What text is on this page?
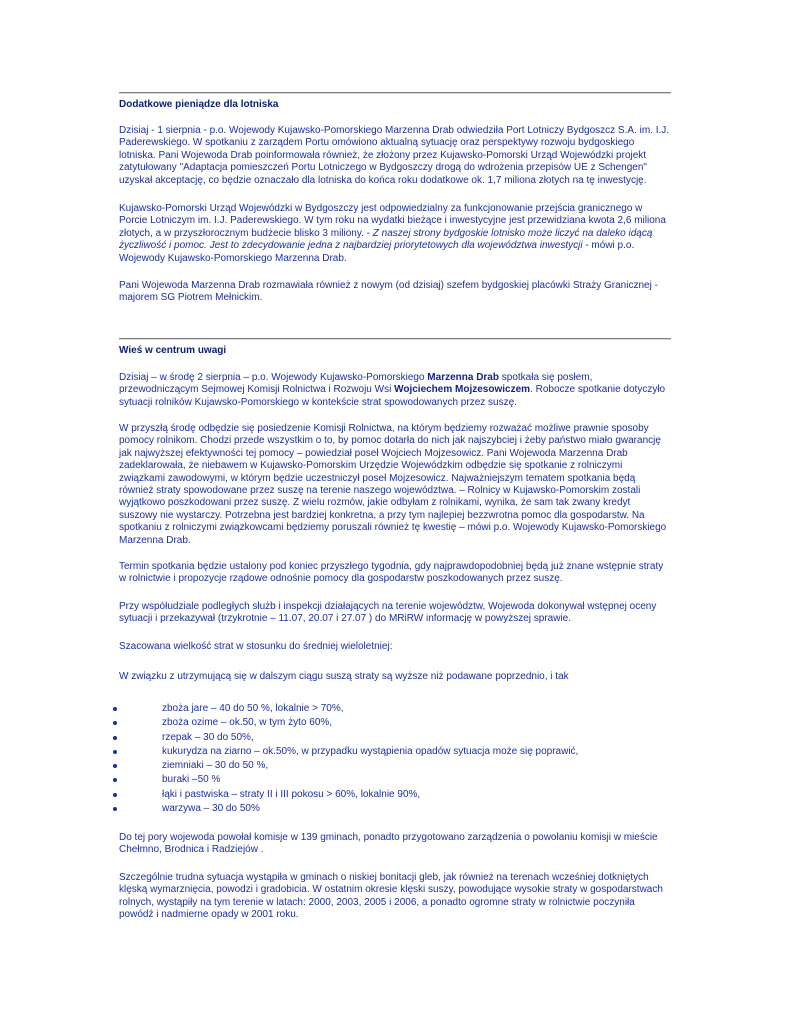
Dodatkowe pieniądze dla lotniska

Dzisiaj - 1 sierpnia - p.o. Wojewody Kujawsko-Pomorskiego Marzenna Drab odwiedziła Port Lotniczy Bydgoszcz S.A. im. I.J. Paderewskiego. W spotkaniu z zarządem Portu omówiono aktualną sytuację oraz perspektywy rozwoju bydgoskiego lotniska. Pani Wojewoda Drab poinformowała również, że złożony przez Kujawsko-Pomorski Urząd Wojewódzki projekt zatytułowany "Adaptacja pomieszczeń Portu Lotniczego w Bydgoszczy drogą do wdrożenia przepisów UE z Schengen" uzyskał akceptację, co będzie oznaczało dla lotniska do końca roku dodatkowe ok. 1,7 miliona złotych na tę inwestycję.

Kujawsko-Pomorski Urząd Wojewódzki w Bydgoszczy jest odpowiedzialny za funkcjonowanie przejścia granicznego w Porcie Lotniczym im. I.J. Paderewskiego. W tym roku na wydatki bieżące i inwestycyjne jest przewidziana kwota 2,6 miliona złotych, a w przyszłorocznym budżecie blisko 3 miliony. - Z naszej strony bydgoskie lotnisko może liczyć na daleko idącą życzliwość i pomoc. Jest to zdecydowanie jedna z najbardziej priorytetowych dla województwa inwestycji - mówi p.o. Wojewody Kujawsko-Pomorskiego Marzenna Drab.

Pani Wojewoda Marzenna Drab rozmawiała również z nowym (od dzisiaj) szefem bydgoskiej placówki Straży Granicznej - majorem SG Piotrem Mełnickim.

Wieś w centrum uwagi

Dzisiaj – w środę 2 sierpnia – p.o. Wojewody Kujawsko-Pomorskiego Marzenna Drab spotkała się posłem, przewodniczącym Sejmowej Komisji Rolnictwa i Rozwoju Wsi Wojciechem Mojzesowiczem. Robocze spotkanie dotyczyło sytuacji rolników Kujawsko-Pomorskiego w kontekście strat spowodowanych przez suszę.

W przyszłą środę odbędzie się posiedzenie Komisji Rolnictwa, na którym będziemy rozważać możliwe prawnie sposoby pomocy rolnikom. Chodzi przede wszystkim o to, by pomoc dotarła do nich jak najszybciej i żeby państwo miało gwarancję jak najwyższej efektywności tej pomocy – powiedział poseł Wojciech Mojzesowicz. Pani Wojewoda Marzenna Drab zadeklarowała, że niebawem w Kujawsko-Pomorskim Urzędzie Wojewódzkim odbędzie się spotkanie z rolniczymi związkami zawodowymi, w którym będzie uczestniczył poseł Mojzesowicz. Najważniejszym tematem spotkania będą również straty spowodowane przez suszę na terenie naszego województwa. – Rolnicy w Kujawsko-Pomorskim zostali wyjątkowo poszkodowani przez suszę. Z wielu rozmów, jakie odbyłam z rolnikami, wynika, że sam tak zwany kredyt suszowy nie wystarczy. Potrzebna jest bardziej konkretna, a przy tym najlepiej bezzwrotna pomoc dla gospodarstw. Na spotkaniu z rolniczymi związkowcami będziemy poruszali również tę kwestię – mówi p.o. Wojewody Kujawsko-Pomorskiego Marzenna Drab.

Termin spotkania będzie ustalony pod koniec przyszłego tygodnia, gdy najprawdopodobniej będą już znane wstępnie straty w rolnictwie i propozycje rządowe odnośnie pomocy dla gospodarstw poszkodowanych przez suszę.

Przy współudziale podległych służb i inspekcji działających na terenie województw, Wojewoda dokonywał wstępnej oceny sytuacji i przekazywał (trzykrotnie – 11.07, 20.07 i 27.07 ) do MRiRW informację w powyższej sprawie.

Szacowana wielkość strat w stosunku do średniej wieloletniej:

W związku z utrzymującą się w dalszym ciągu suszą straty są wyższe niż podawane poprzednio, i tak

zboża jare – 40 do 50 %, lokalnie > 70%,
zboża ozime – ok.50, w tym żyto 60%,
rzepak – 30 do 50%,
kukurydza na ziarno – ok.50%, w przypadku wystąpienia opadów sytuacja może się poprawić,
ziemniaki – 30 do 50 %,
buraki –50 %
łąki i pastwiska – straty II i III pokosu > 60%, lokalnie 90%,
warzywa – 30 do 50%

Do tej pory wojewoda powołał komisje w 139 gminach, ponadto przygotowano zarządzenia o powołaniu komisji w mieście Chełmno, Brodnica i Radziejów .

Szczególnie trudna sytuacja wystąpiła w gminach o niskiej bonitacji gleb, jak również na terenach wcześniej dotkniętych klęską wymarznięcia, powodzi i gradobicia. W ostatnim okresie klęski suszy, powodujące wysokie straty w gospodarstwach rolnych, wystąpiły na tym terenie w latach: 2000, 2003, 2005 i 2006, a ponadto ogromne straty w rolnictwie poczyniła powódź i nadmierne opady w 2001 roku.
